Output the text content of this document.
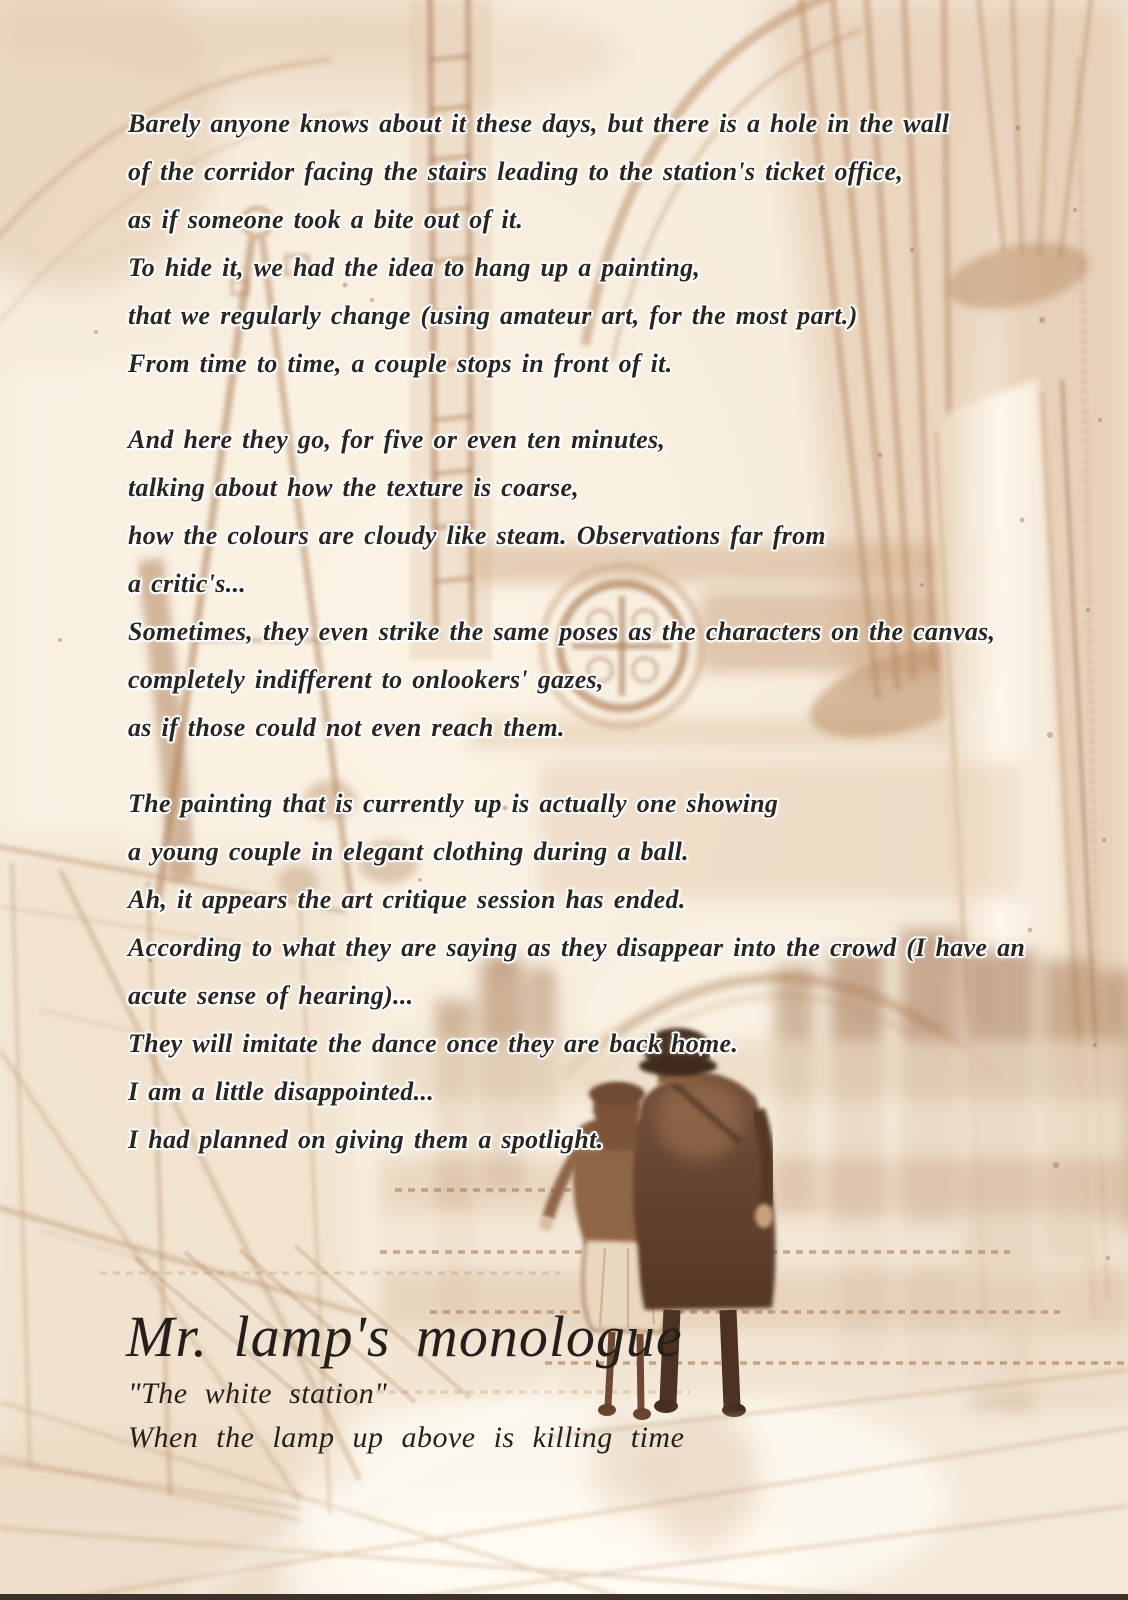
Barely anyone knows about it these days, but there is a hole in the wall
of the corridor facing the stairs leading to the station's ticket office,
as if someone took a bite out of it.
To hide it, we had the idea to hang up a painting,
that we regularly change (using amateur art, for the most part.)
From time to time, a couple stops in front of it.

And here they go, for five or even ten minutes,
talking about how the texture is coarse,
how the colours are cloudy like steam. Observations far from
a critic's...
Sometimes, they even strike the same poses as the characters on the canvas,
completely indifferent to onlookers' gazes,
as if those could not even reach them.

The painting that is currently up is actually one showing
a young couple in elegant clothing during a ball.
Ah, it appears the art critique session has ended.
According to what they are saying as they disappear into the crowd (I have an
acute sense of hearing)...
They will imitate the dance once they are back home.
I am a little disappointed...
I had planned on giving them a spotlight.

Mr. lamp's monologue
"The white station"
When the lamp up above is killing time
